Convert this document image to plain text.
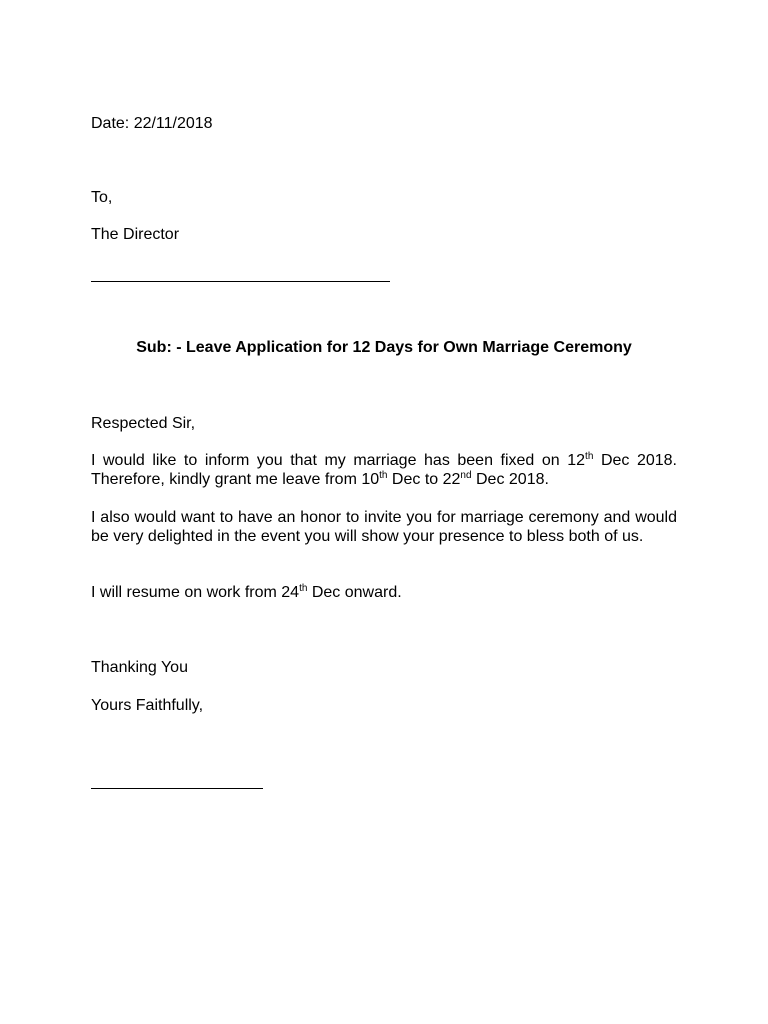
Date: 22/11/2018
To,
The Director
Sub: - Leave Application for 12 Days for Own Marriage Ceremony
Respected Sir,
I would like to inform you that my marriage has been fixed on 12th Dec 2018. Therefore, kindly grant me leave from 10th Dec to 22nd Dec 2018.
I also would want to have an honor to invite you for marriage ceremony and would be very delighted in the event you will show your presence to bless both of us.
I will resume on work from 24th Dec onward.
Thanking You
Yours Faithfully,
